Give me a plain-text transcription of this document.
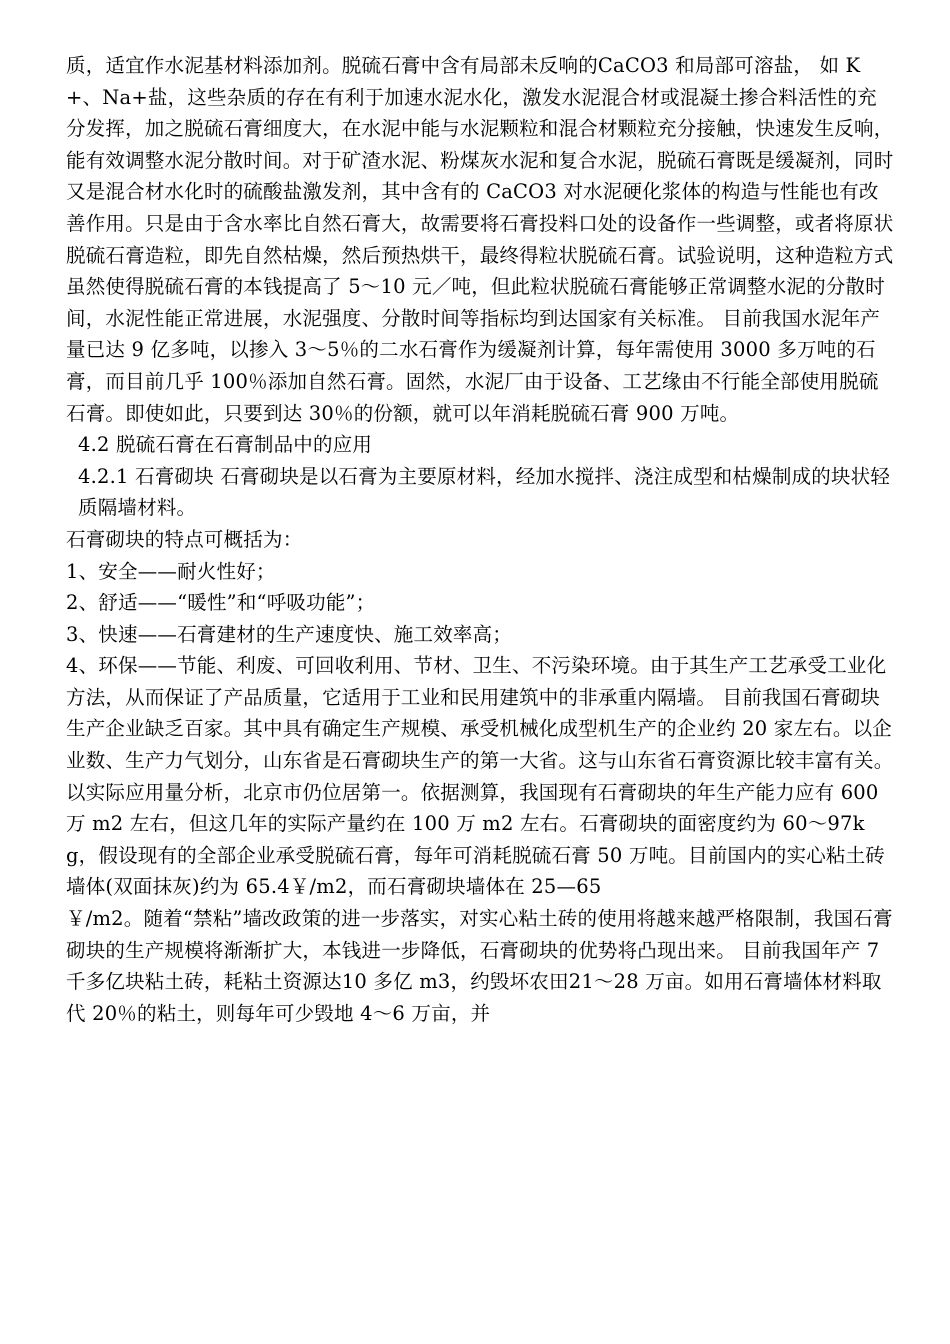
质，适宜作水泥基材料添加剂。脱硫石膏中含有局部未反响的CaCO3 和局部可溶盐， 如 K+、Na+盐，这些杂质的存在有利于加速水泥水化，激发水泥混合材或混凝土掺合料活性的充分发挥，加之脱硫石膏细度大，在水泥中能与水泥颗粒和混合材颗粒充分接触，快速发生反响，能有效调整水泥分散时间。对于矿渣水泥、粉煤灰水泥和复合水泥，脱硫石膏既是缓凝剂，同时又是混合材水化时的硫酸盐激发剂，其中含有的 CaCO3 对水泥硬化浆体的构造与性能也有改善作用。只是由于含水率比自然石膏大，故需要将石膏投料口处的设备作一些调整，或者将原状脱硫石膏造粒，即先自然枯燥，然后预热烘干，最终得粒状脱硫石膏。试验说明，这种造粒方式虽然使得脱硫石膏的本钱提高了 5～10 元／吨，但此粒状脱硫石膏能够正常调整水泥的分散时间，水泥性能正常进展，水泥强度、分散时间等指标均到达国家有关标准。 目前我国水泥年产量已达 9 亿多吨，以掺入 3～5％的二水石膏作为缓凝剂计算，每年需使用 3000 多万吨的石膏，而目前几乎 100％添加自然石膏。固然，水泥厂由于设备、工艺缘由不行能全部使用脱硫石膏。即使如此，只要到达 30％的份额，就可以年消耗脱硫石膏 900 万吨。

4.2 脱硫石膏在石膏制品中的应用

4.2.1 石膏砌块 石膏砌块是以石膏为主要原材料，经加水搅拌、浇注成型和枯燥制成的块状轻质隔墙材料。

石膏砌块的特点可概括为：

1、安全——耐火性好；

2、舒适——“暖性”和“呼吸功能”；

3、快速——石膏建材的生产速度快、施工效率高；

4、环保——节能、利废、可回收利用、节材、卫生、不污染环境。由于其生产工艺承受工业化方法，从而保证了产品质量，它适用于工业和民用建筑中的非承重内隔墙。 目前我国石膏砌块生产企业缺乏百家。其中具有确定生产规模、承受机械化成型机生产的企业约 20 家左右。以企业数、生产力气划分，山东省是石膏砌块生产的第一大省。这与山东省石膏资源比较丰富有关。

以实际应用量分析，北京市仍位居第一。依据测算，我国现有石膏砌块的年生产能力应有 600 万 m2 左右，但这几年的实际产量约在 100 万 m2 左右。石膏砌块的面密度约为 60～97kg，假设现有的全部企业承受脱硫石膏，每年可消耗脱硫石膏 50 万吨。目前国内的实心粘土砖墙体(双面抹灰)约为 65.4￥/m2，而石膏砌块墙体在 25—65

￥/m2。随着“禁粘”墙改政策的进一步落实，对实心粘土砖的使用将越来越严格限制，我国石膏砌块的生产规模将渐渐扩大，本钱进一步降低，石膏砌块的优势将凸现出来。 目前我国年产 7 千多亿块粘土砖，耗粘土资源达10 多亿 m3，约毁坏农田21～28 万亩。如用石膏墙体材料取代 20％的粘土，则每年可少毁地 4～6 万亩，并
